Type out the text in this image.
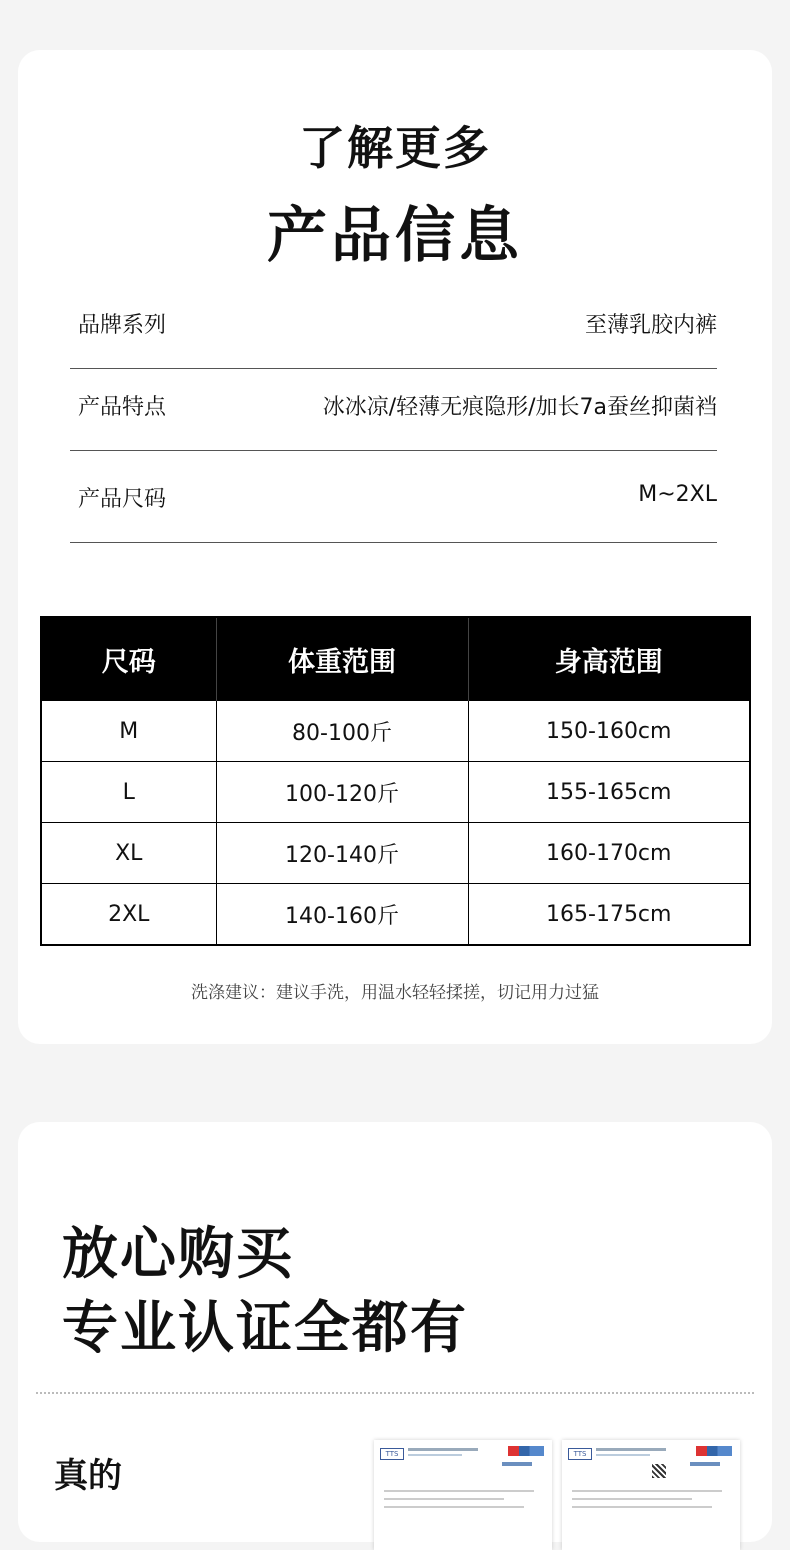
了解更多
产品信息
品牌系列	至薄乳胶内裤
产品特点	冰冰凉/轻薄无痕隐形/加长7a蚕丝抑菌裆
产品尺码	M~2XL
尺码	体重范围	身高范围
M	80-100斤	150-160cm
L	100-120斤	155-165cm
XL	120-140斤	160-170cm
2XL	140-160斤	165-175cm
洗涤建议：建议手洗，用温水轻轻揉搓，切记用力过猛
放心购买
专业认证全都有
真的
TTS	TTS
